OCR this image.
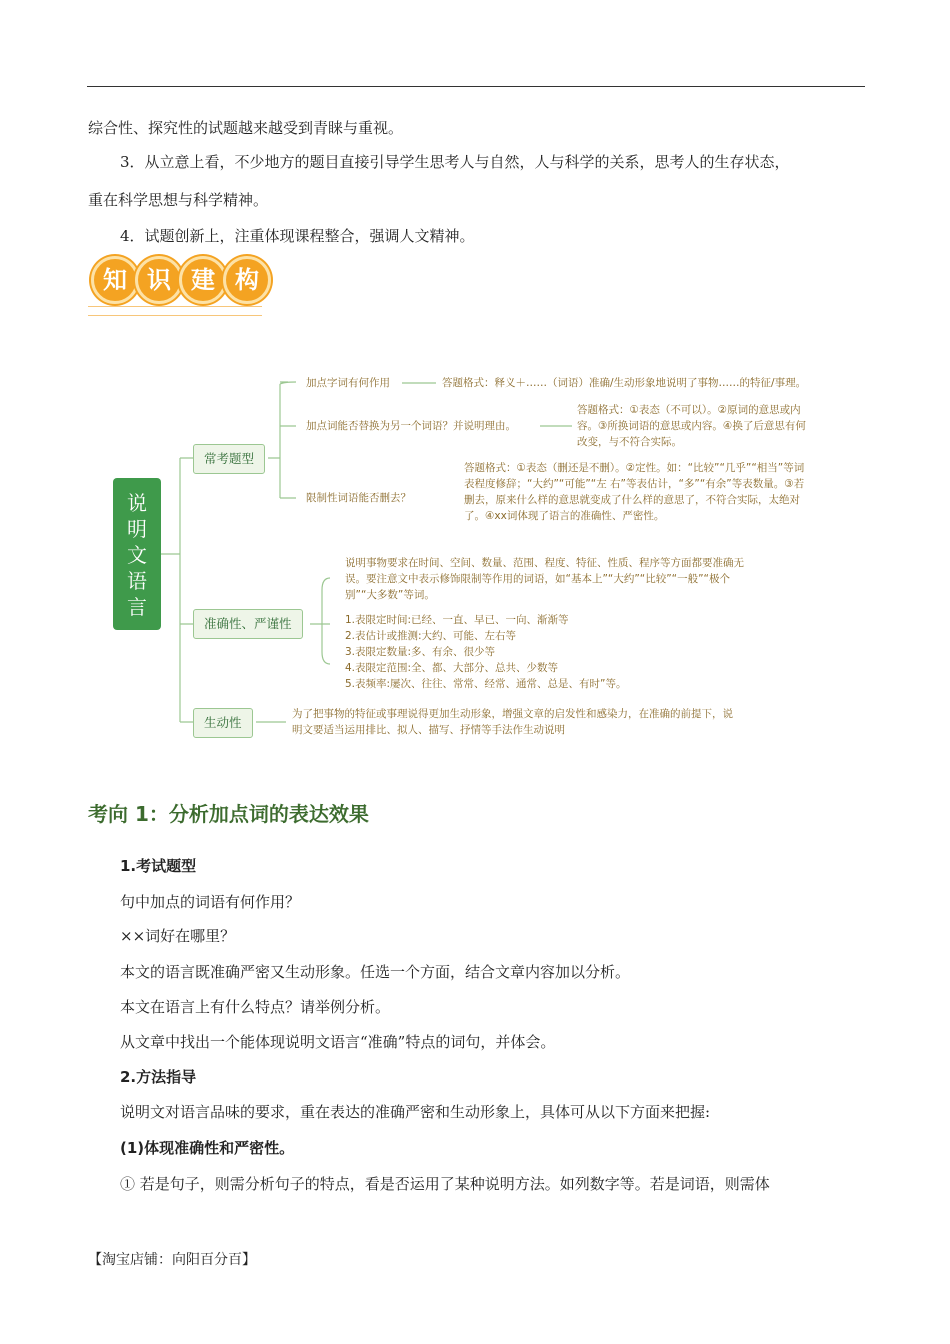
综合性、探究性的试题越来越受到青睐与重视。
3．从立意上看，不少地方的题目直接引导学生思考人与自然，人与科学的关系，思考人的生存状态，
重在科学思想与科学精神。
4．试题创新上，注重体现课程整合，强调人文精神。
知 识 建 构
说
明
文
语
言
常考题型
准确性、严谨性
生动性
加点字词有何作用	答题格式：释义＋……（词语）准确/生动形象地说明了事物……的特征/事理。
加点词能否替换为另一个词语？并说明理由。
答题格式：①表态（不可以）。②原词的意思或内容。③所换词语的意思或内容。④换了后意思有何改变，与不符合实际。
限制性词语能否删去？
答题格式：①表态（删还是不删）。②定性。如：“比较”“几乎”“相当”等词表程度修辞；“大约”“可能”“左 右”等表估计，“多”“有余”等表数量。③若删去，原来什么样的意思就变成了什么样的意思了，不符合实际，太绝对了。④xx词体现了语言的准确性、严密性。
说明事物要求在时间、空间、数量、范围、程度、特征、性质、程序等方面都要准确无误。要注意文中表示修饰限制等作用的词语，如“基本上”“大约”“比较”“一般”“极个别”“大多数”等词。
1.表限定时间:已经、一直、早已、一向、渐渐等
2.表估计或推测:大约、可能、左右等
3.表限定数量:多、有余、很少等
4.表限定范围:全、都、大部分、总共、少数等
5.表频率:屡次、往往、常常、经常、通常、总是、有时”等。
为了把事物的特征或事理说得更加生动形象，增强文章的启发性和感染力，在准确的前提下，说明文要适当运用排比、拟人、描写、抒情等手法作生动说明
考向 1：分析加点词的表达效果
1.考试题型
句中加点的词语有何作用？
××词好在哪里？
本文的语言既准确严密又生动形象。任选一个方面，结合文章内容加以分析。
本文在语言上有什么特点？请举例分析。
从文章中找出一个能体现说明文语言“准确”特点的词句，并体会。
2.方法指导
说明文对语言品味的要求，重在表达的准确严密和生动形象上，具体可从以下方面来把握:
(1)体现准确性和严密性。
① 若是句子，则需分析句子的特点，看是否运用了某种说明方法。如列数字等。若是词语，则需体
【淘宝店铺：向阳百分百】
